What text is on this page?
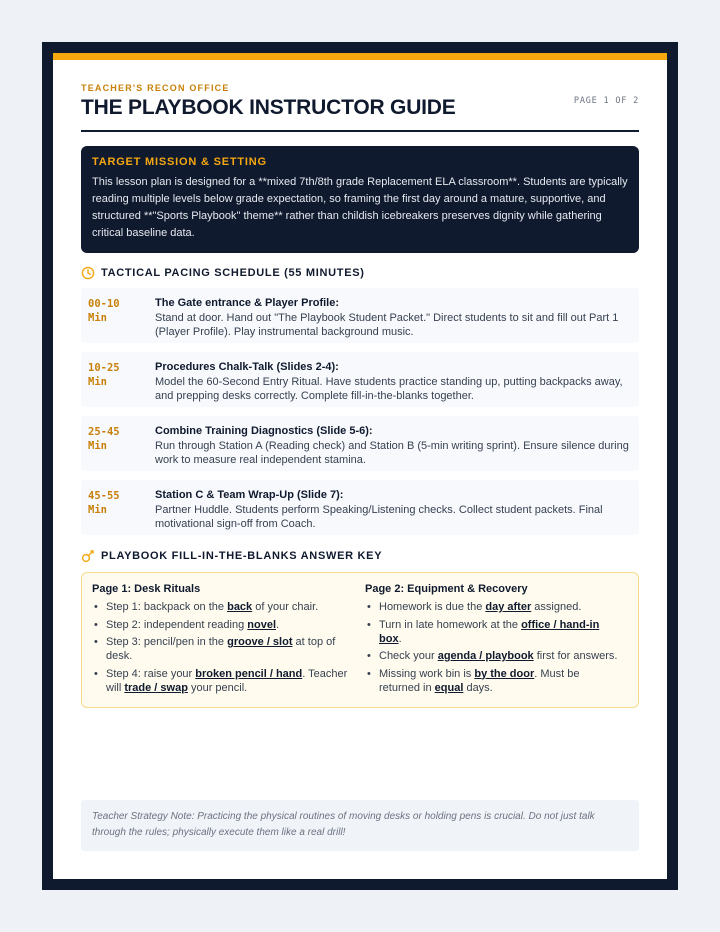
TEACHER'S RECON OFFICE
THE PLAYBOOK INSTRUCTOR GUIDE	PAGE 1 OF 2
TARGET MISSION & SETTING
This lesson plan is designed for a **mixed 7th/8th grade Replacement ELA classroom**. Students are typically reading multiple levels below grade expectation, so framing the first day around a mature, supportive, and structured **"Sports Playbook" theme** rather than childish icebreakers preserves dignity while gathering critical baseline data.
TACTICAL PACING SCHEDULE (55 MINUTES)
00-10
Min
The Gate entrance & Player Profile:
Stand at door. Hand out "The Playbook Student Packet." Direct students to sit and fill out Part 1 (Player Profile). Play instrumental background music.
10-25
Min
Procedures Chalk-Talk (Slides 2-4):
Model the 60-Second Entry Ritual. Have students practice standing up, putting backpacks away, and prepping desks correctly. Complete fill-in-the-blanks together.
25-45
Min
Combine Training Diagnostics (Slide 5-6):
Run through Station A (Reading check) and Station B (5-min writing sprint). Ensure silence during work to measure real independent stamina.
45-55
Min
Station C & Team Wrap-Up (Slide 7):
Partner Huddle. Students perform Speaking/Listening checks. Collect student packets. Final motivational sign-off from Coach.
PLAYBOOK FILL-IN-THE-BLANKS ANSWER KEY
Page 1: Desk Rituals
• Step 1: backpack on the back of your chair.
• Step 2: independent reading novel.
• Step 3: pencil/pen in the groove / slot at top of desk.
• Step 4: raise your broken pencil / hand. Teacher will trade / swap your pencil.
Page 2: Equipment & Recovery
• Homework is due the day after assigned.
• Turn in late homework at the office / hand-in box.
• Check your agenda / playbook first for answers.
• Missing work bin is by the door. Must be returned in equal days.
Teacher Strategy Note: Practicing the physical routines of moving desks or holding pens is crucial. Do not just talk through the rules; physically execute them like a real drill!
